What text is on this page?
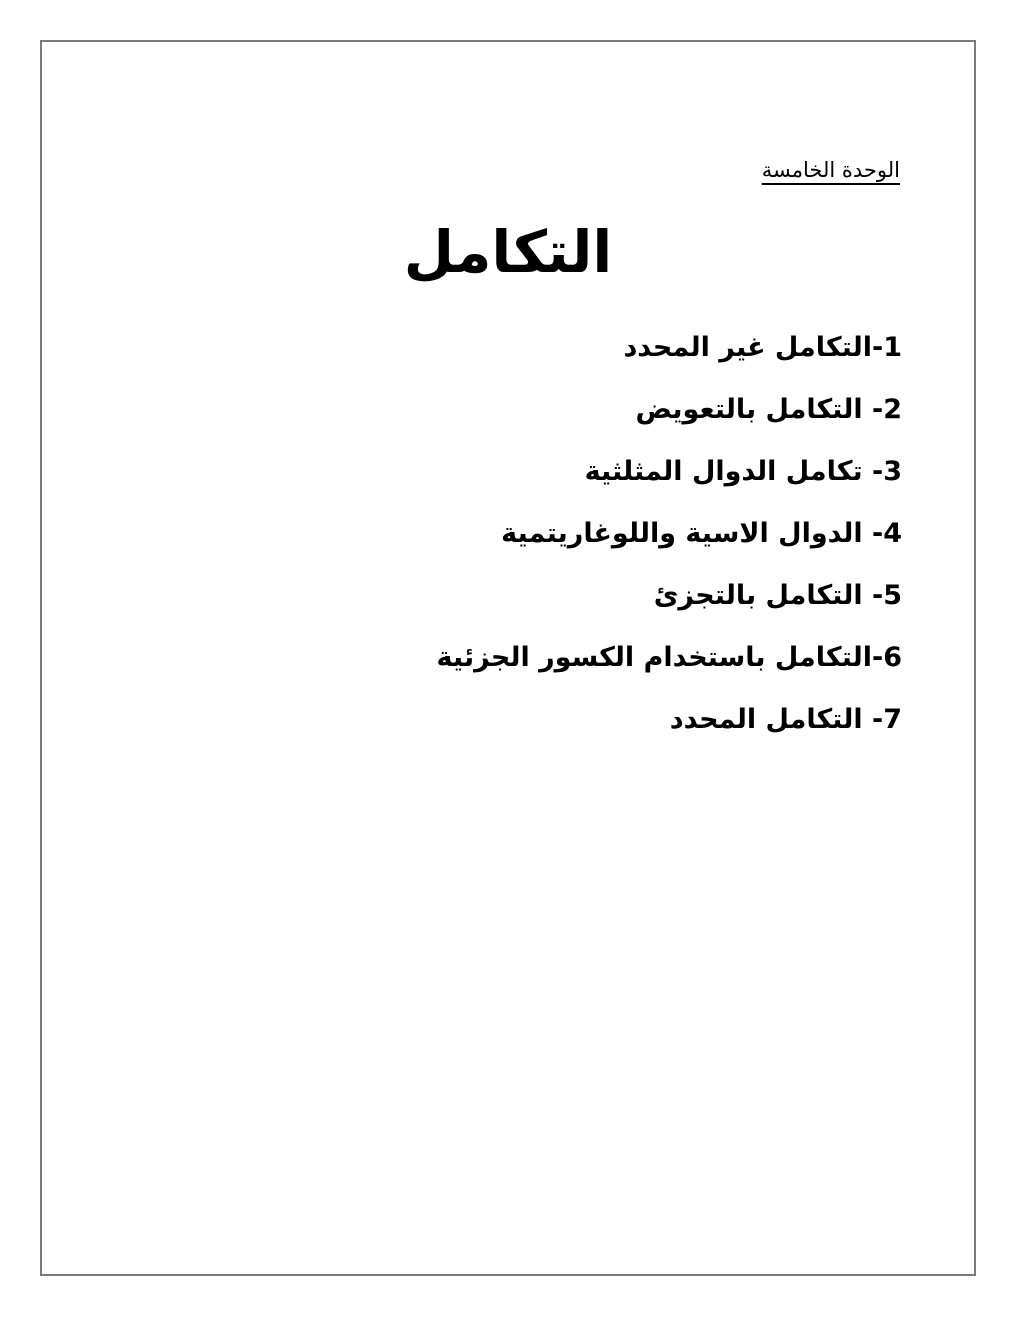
الوحدة الخامسة
التكامل
1-التكامل غير المحدد
2- التكامل بالتعويض
3- تكامل الدوال المثلثية
4- الدوال الاسية واللوغاريتمية
5- التكامل بالتجزئ
6-التكامل باستخدام الكسور الجزئية
7- التكامل المحدد
